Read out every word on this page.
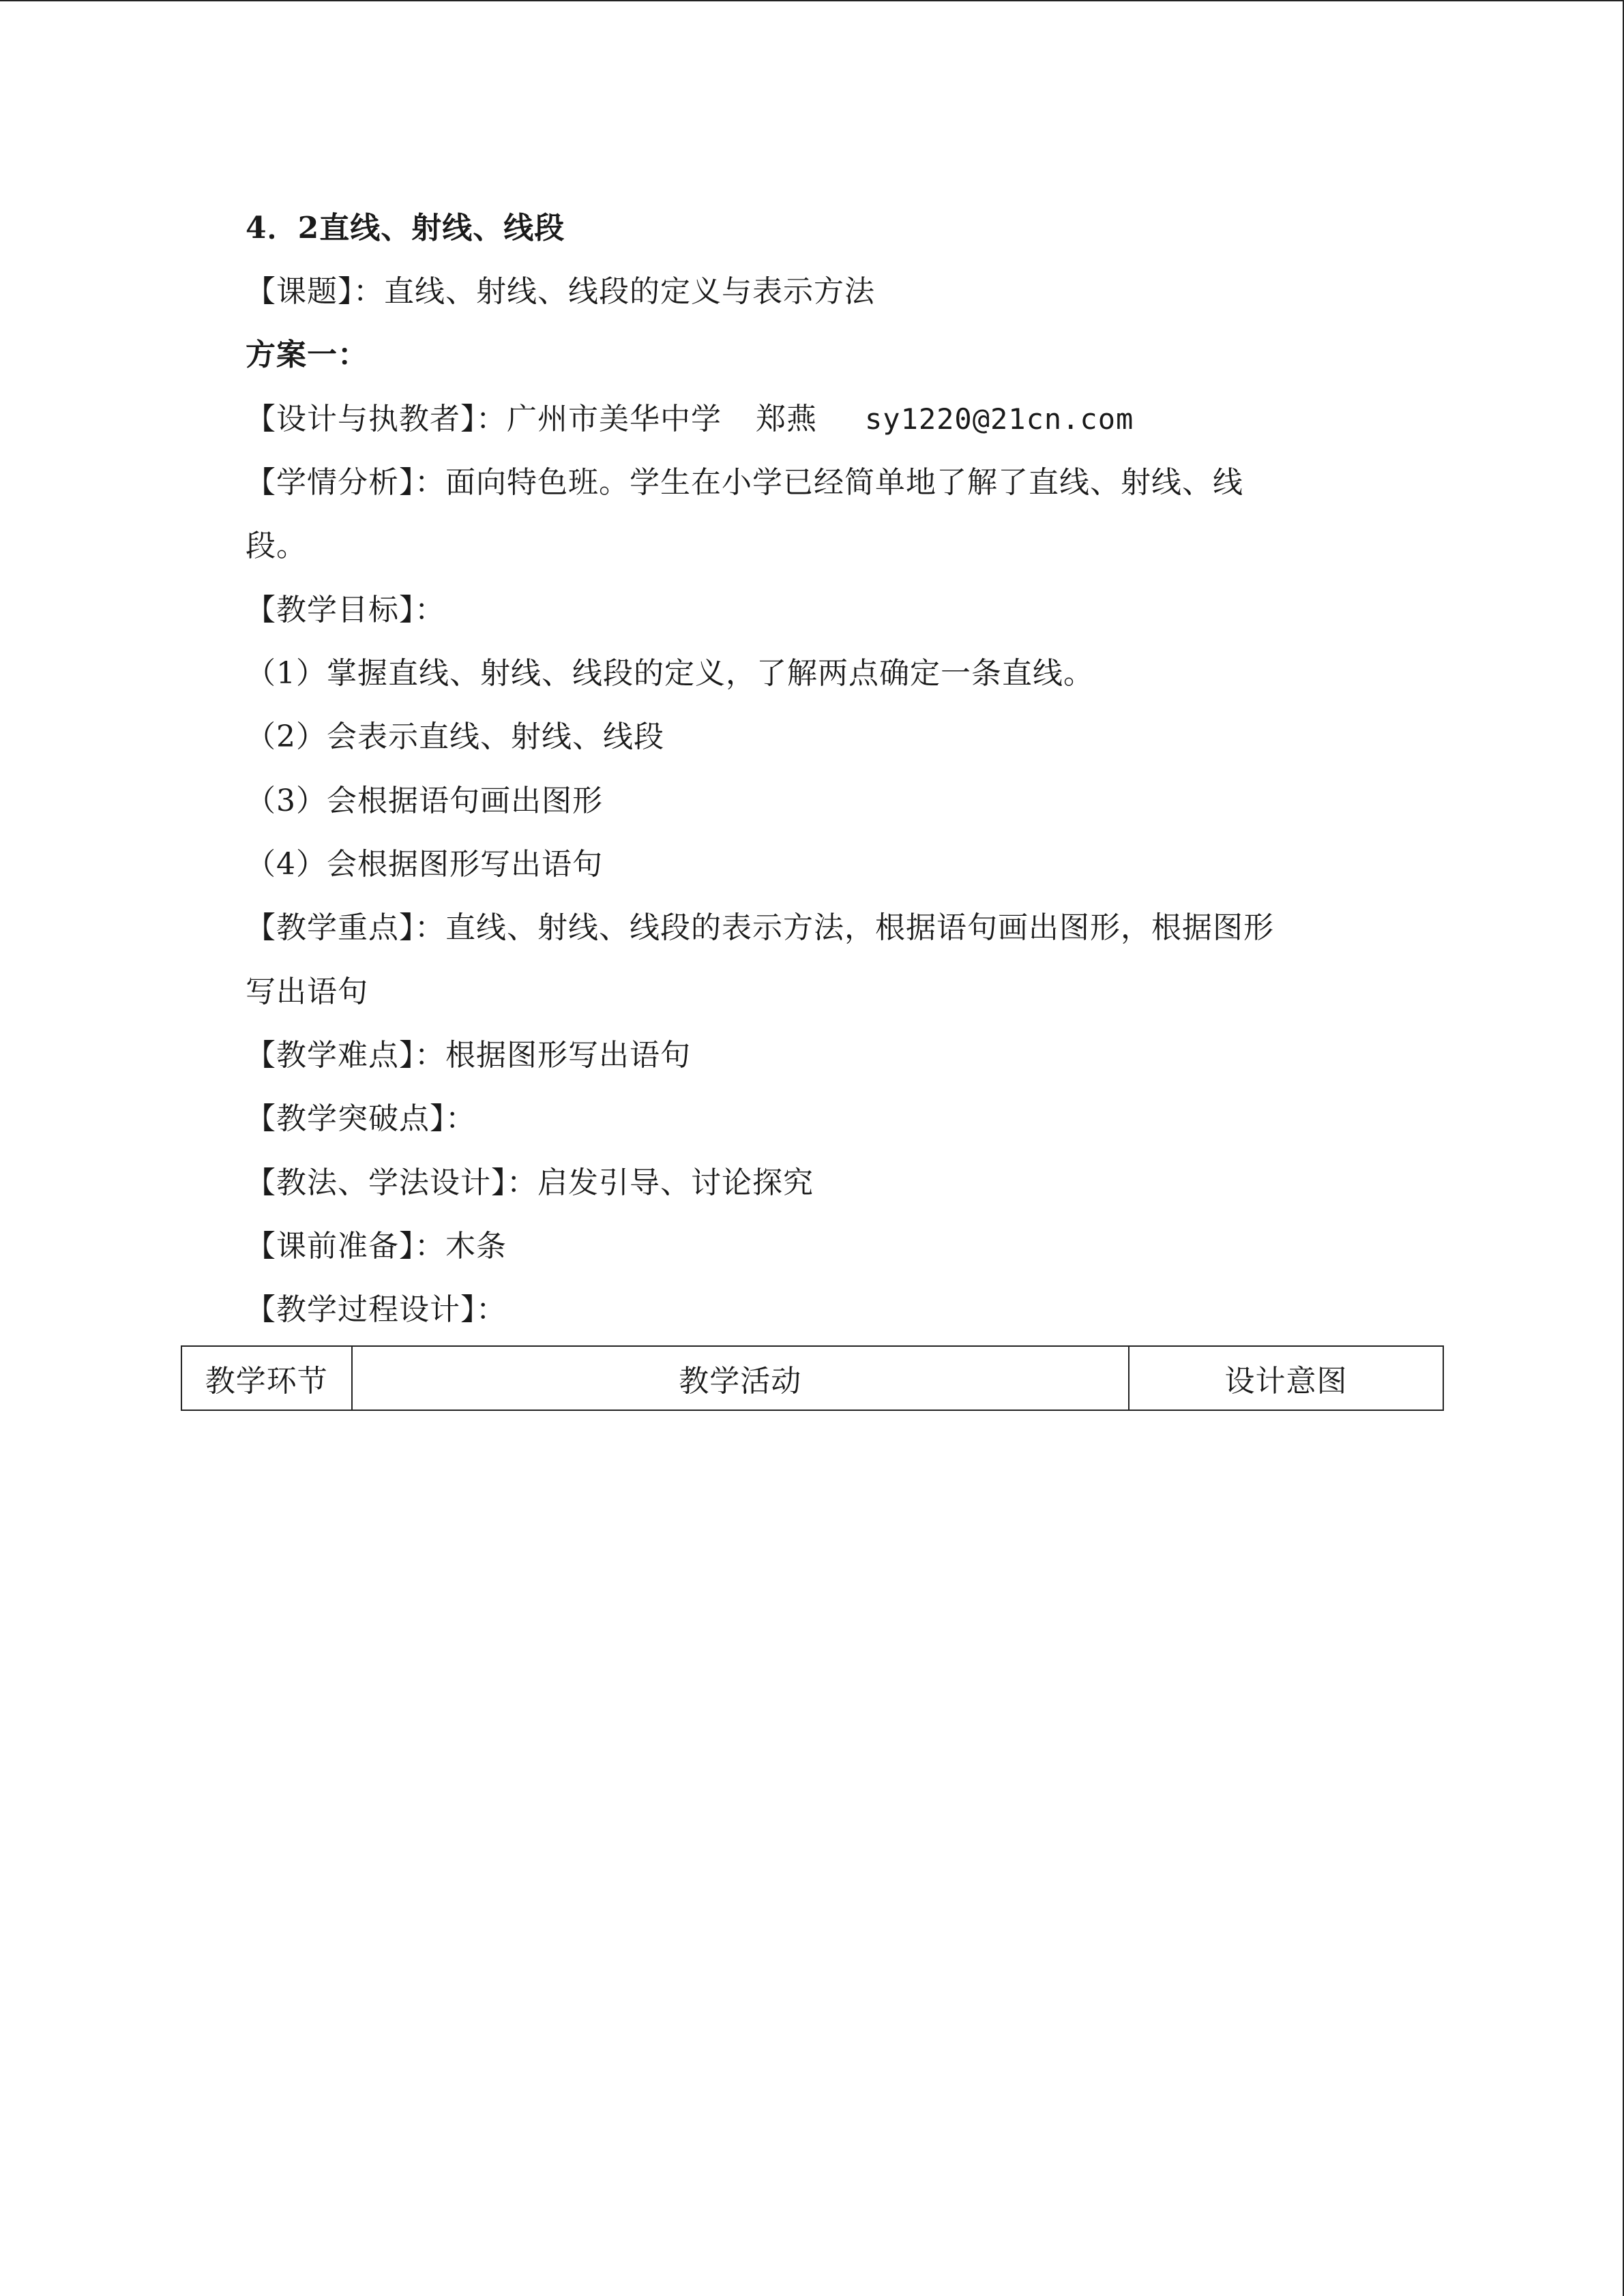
4．2直线、射线、线段
【课题】：直线、射线、线段的定义与表示方法
方案一：
【设计与执教者】：广州市美华中学 郑燕 sy1220@21cn.com
【学情分析】：面向特色班。学生在小学已经简单地了解了直线、射线、线
段。
【教学目标】：
（1）掌握直线、射线、线段的定义，了解两点确定一条直线。
（2）会表示直线、射线、线段
（3）会根据语句画出图形
（4）会根据图形写出语句
【教学重点】：直线、射线、线段的表示方法，根据语句画出图形，根据图形
写出语句
【教学难点】：根据图形写出语句
【教学突破点】：
【教法、学法设计】：启发引导、讨论探究
【课前准备】：木条
【教学过程设计】：
教学环节	教学活动	设计意图
